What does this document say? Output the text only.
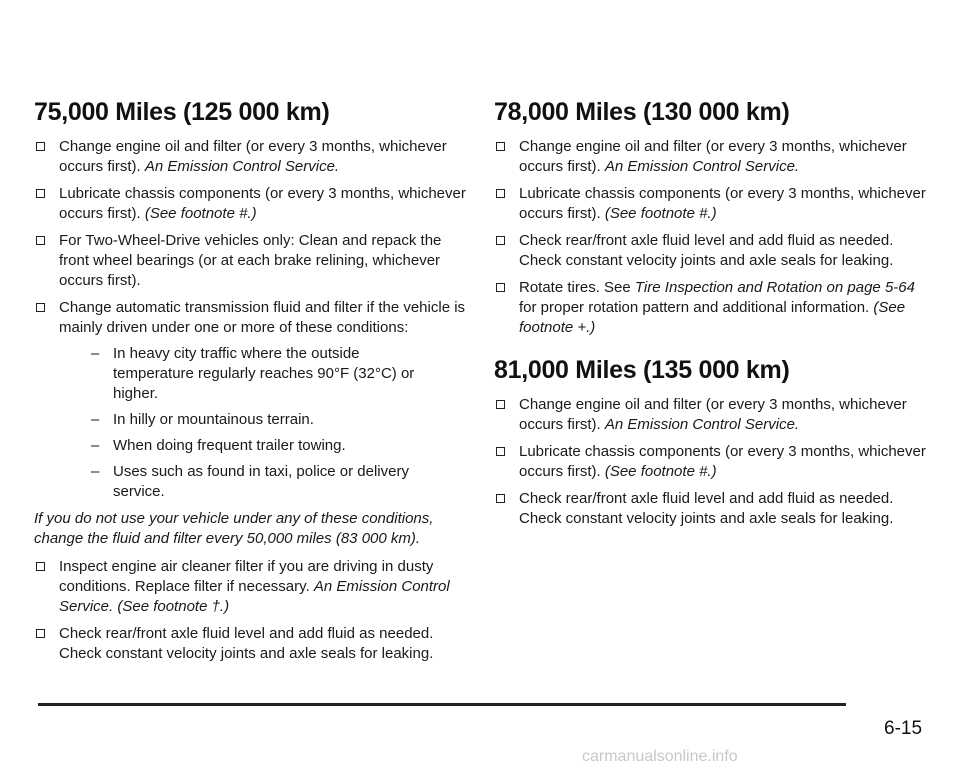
75,000 Miles (125 000 km)
Change engine oil and filter (or every 3 months, whichever occurs first). An Emission Control Service.
Lubricate chassis components (or every 3 months, whichever occurs first). (See footnote #.)
For Two-Wheel-Drive vehicles only: Clean and repack the front wheel bearings (or at each brake relining, whichever occurs first).
Change automatic transmission fluid and filter if the vehicle is mainly driven under one or more of these conditions:
– In heavy city traffic where the outside temperature regularly reaches 90°F (32°C) or higher.
– In hilly or mountainous terrain.
– When doing frequent trailer towing.
– Uses such as found in taxi, police or delivery service.
If you do not use your vehicle under any of these conditions, change the fluid and filter every 50,000 miles (83 000 km).
Inspect engine air cleaner filter if you are driving in dusty conditions. Replace filter if necessary. An Emission Control Service. (See footnote †.)
Check rear/front axle fluid level and add fluid as needed. Check constant velocity joints and axle seals for leaking.
78,000 Miles (130 000 km)
Change engine oil and filter (or every 3 months, whichever occurs first). An Emission Control Service.
Lubricate chassis components (or every 3 months, whichever occurs first). (See footnote #.)
Check rear/front axle fluid level and add fluid as needed. Check constant velocity joints and axle seals for leaking.
Rotate tires. See Tire Inspection and Rotation on page 5-64 for proper rotation pattern and additional information. (See footnote +.)
81,000 Miles (135 000 km)
Change engine oil and filter (or every 3 months, whichever occurs first). An Emission Control Service.
Lubricate chassis components (or every 3 months, whichever occurs first). (See footnote #.)
Check rear/front axle fluid level and add fluid as needed. Check constant velocity joints and axle seals for leaking.
6-15
carmanualsonline.info
